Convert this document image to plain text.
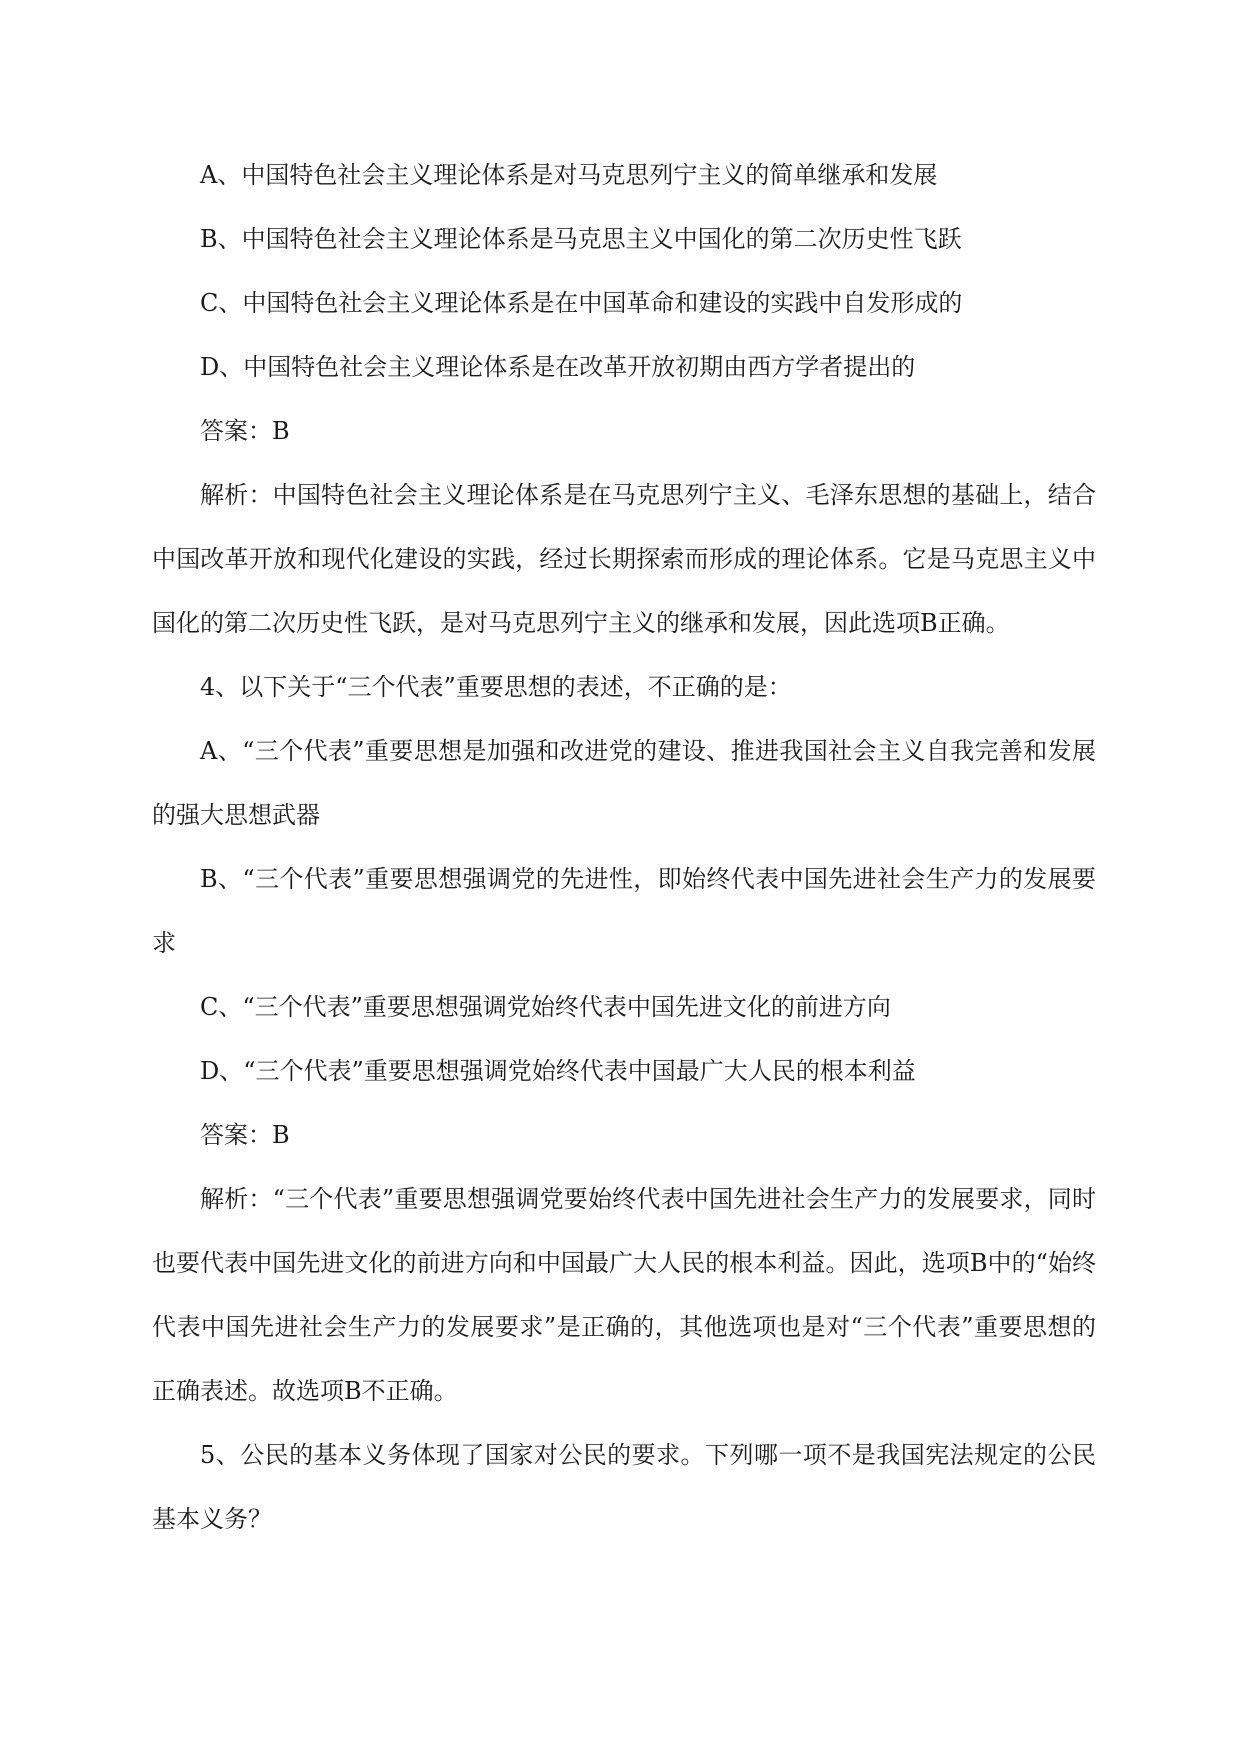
A、中国特色社会主义理论体系是对马克思列宁主义的简单继承和发展

B、中国特色社会主义理论体系是马克思主义中国化的第二次历史性飞跃

C、中国特色社会主义理论体系是在中国革命和建设的实践中自发形成的

D、中国特色社会主义理论体系是在改革开放初期由西方学者提出的

答案：B

解析：中国特色社会主义理论体系是在马克思列宁主义、毛泽东思想的基础上，结合中国改革开放和现代化建设的实践，经过长期探索而形成的理论体系。它是马克思主义中国化的第二次历史性飞跃，是对马克思列宁主义的继承和发展，因此选项B正确。

4、以下关于“三个代表”重要思想的表述，不正确的是：

A、“三个代表”重要思想是加强和改进党的建设、推进我国社会主义自我完善和发展的强大思想武器

B、“三个代表”重要思想强调党的先进性，即始终代表中国先进社会生产力的发展要求

C、“三个代表”重要思想强调党始终代表中国先进文化的前进方向

D、“三个代表”重要思想强调党始终代表中国最广大人民的根本利益

答案：B

解析：“三个代表”重要思想强调党要始终代表中国先进社会生产力的发展要求，同时也要代表中国先进文化的前进方向和中国最广大人民的根本利益。因此，选项B中的“始终代表中国先进社会生产力的发展要求”是正确的，其他选项也是对“三个代表”重要思想的正确表述。故选项B不正确。

5、公民的基本义务体现了国家对公民的要求。下列哪一项不是我国宪法规定的公民基本义务？
